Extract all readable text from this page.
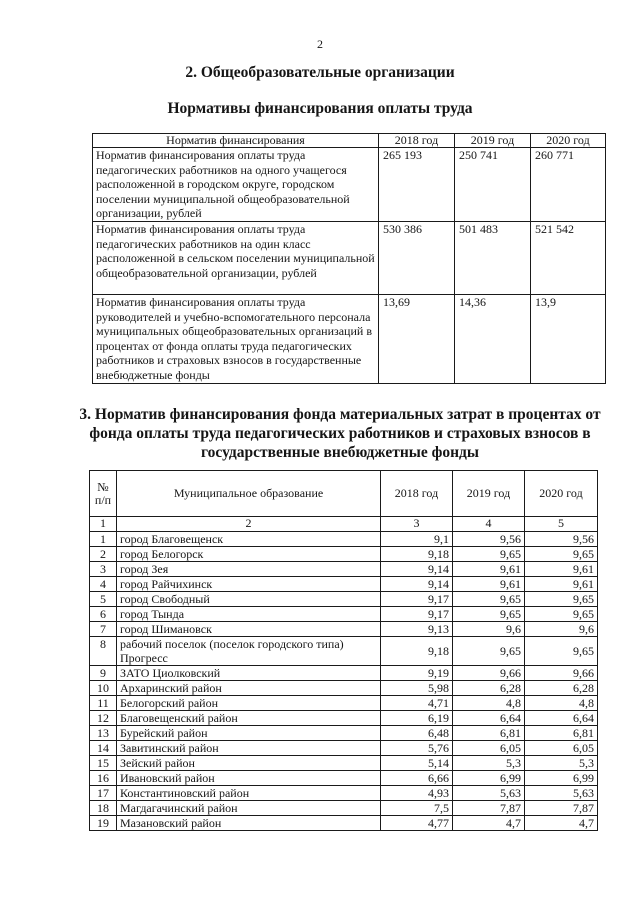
2
2. Общеобразовательные организации
Нормативы финансирования оплаты труда
Норматив финансирования	2018 год	2019 год	2020 год
Норматив финансирования оплаты труда педагогических работников на одного учащегося расположенной в городском округе, городском поселении муниципальной общеобразовательной организации, рублей	265 193	250 741	260 771
Норматив финансирования оплаты труда педагогических работников на один класс расположенной в сельском поселении муниципальной общеобразовательной организации, рублей	530 386	501 483	521 542
Норматив финансирования оплаты труда руководителей и учебно-вспомогательного персонала муниципальных общеобразовательных организаций в процентах от фонда оплаты труда педагогических работников и страховых взносов в государственные внебюджетные фонды	13,69	14,36	13,9
3. Норматив финансирования фонда материальных затрат в процентах от фонда оплаты труда педагогических работников и страховых взносов в государственные внебюджетные фонды
№ п/п	Муниципальное образование	2018 год	2019 год	2020 год
1	2	3	4	5
1	город Благовещенск	9,1	9,56	9,56
2	город Белогорск	9,18	9,65	9,65
3	город Зея	9,14	9,61	9,61
4	город Райчихинск	9,14	9,61	9,61
5	город Свободный	9,17	9,65	9,65
6	город Тында	9,17	9,65	9,65
7	город Шимановск	9,13	9,6	9,6
8	рабочий поселок (поселок городского типа) Прогресс	9,18	9,65	9,65
9	ЗАТО Циолковский	9,19	9,66	9,66
10	Архаринский район	5,98	6,28	6,28
11	Белогорский район	4,71	4,8	4,8
12	Благовещенский район	6,19	6,64	6,64
13	Бурейский район	6,48	6,81	6,81
14	Завитинский район	5,76	6,05	6,05
15	Зейский район	5,14	5,3	5,3
16	Ивановский район	6,66	6,99	6,99
17	Константиновский район	4,93	5,63	5,63
18	Магдагачинский район	7,5	7,87	7,87
19	Мазановский район	4,77	4,7	4,7
